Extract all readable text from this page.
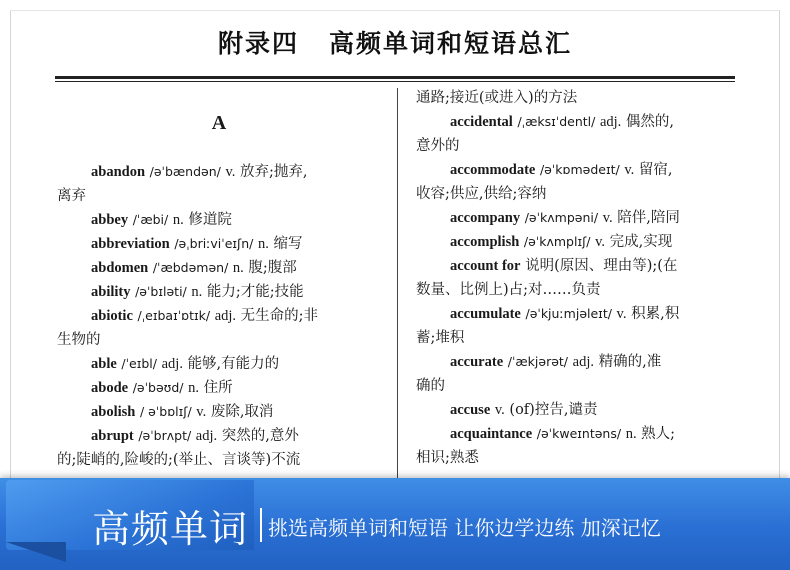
附录四 高频单词和短语总汇
A
abandon /əˈbændən/ v. 放弃;抛弃,
离弃
abbey /ˈæbi/ n. 修道院
abbreviation /əˌbriːviˈeɪʃn/ n. 缩写
abdomen /ˈæbdəmən/ n. 腹;腹部
ability /əˈbɪləti/ n. 能力;才能;技能
abiotic /ˌeɪbaɪˈɒtɪk/ adj. 无生命的;非
生物的
able /ˈeɪbl/ adj. 能够,有能力的
abode /əˈbəʊd/ n. 住所
abolish / əˈbɒlɪʃ/ v. 废除,取消
abrupt /əˈbrʌpt/ adj. 突然的,意外
的;陡峭的,险峻的;(举止、言谈等)不流
通路;接近(或进入)的方法
accidental /ˌæksɪˈdentl/ adj. 偶然的,
意外的
accommodate /əˈkɒmədeɪt/ v. 留宿,
收容;供应,供给;容纳
accompany /əˈkʌmpəni/ v. 陪伴,陪同
accomplish /əˈkʌmplɪʃ/ v. 完成,实现
account for 说明(原因、理由等);(在
数量、比例上)占;对……负责
accumulate /əˈkjuːmjəleɪt/ v. 积累,积
蓄;堆积
accurate /ˈækjərət/ adj. 精确的,准
确的
accuse v. (of)控告,谴责
acquaintance /əˈkweɪntəns/ n. 熟人;
相识;熟悉
高频单词 挑选高频单词和短语 让你边学边练 加深记忆
